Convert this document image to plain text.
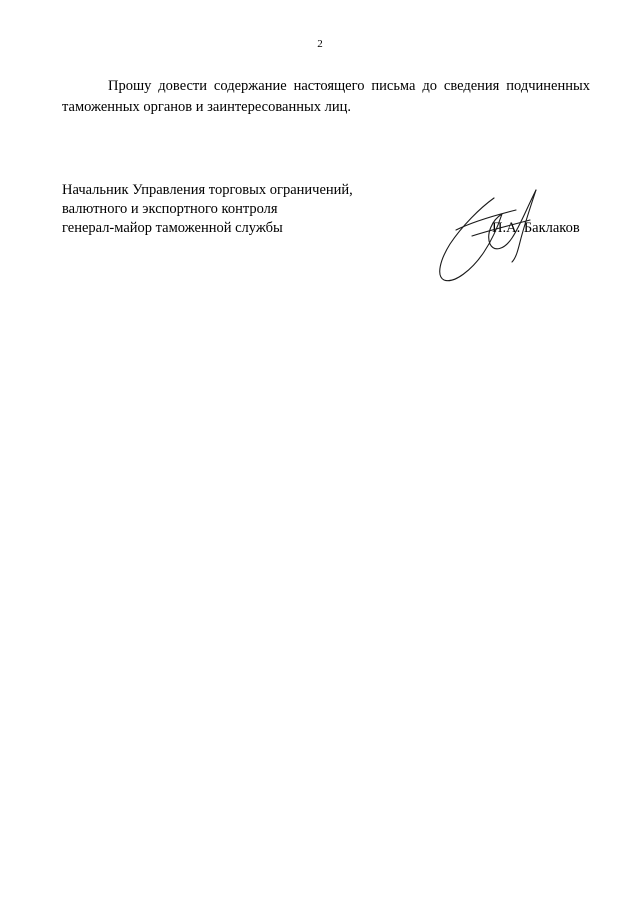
2

Прошу довести содержание настоящего письма до сведения подчиненных таможенных органов и заинтересованных лиц.

Начальник Управления торговых ограничений,
валютного и экспортного контроля
генерал-майор таможенной службы	П.А. Баклаков
